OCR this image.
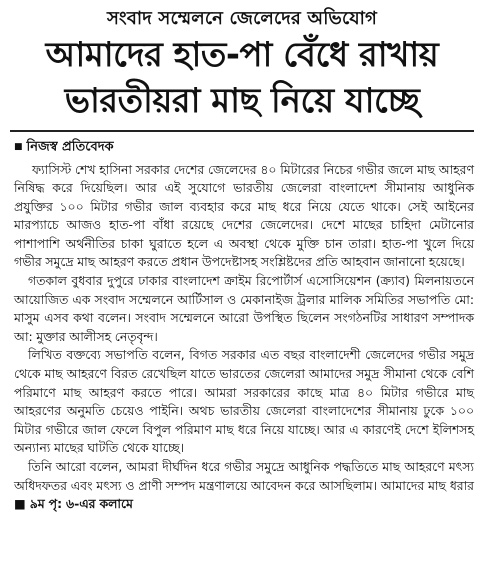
সংবাদ সম্মেলনে জেলেদের অভিযোগ
আমাদের হাত-পা বেঁধে রাখায়
ভারতীয়রা মাছ নিয়ে যাচ্ছে
■ নিজস্ব প্রতিবেদক

ফ্যাসিস্ট শেখ হাসিনা সরকার দেশের জেলেদের ৪০ মিটারের নিচের গভীর জলে মাছ আহরণ নিষিদ্ধ করে দিয়েছিল। আর এই সুযোগে ভারতীয় জেলেরা বাংলাদেশ সীমানায় আধুনিক প্রযুক্তির ১০০ মিটার গভীর জাল ব্যবহার করে মাছ ধরে নিয়ে যেতে থাকে। সেই আইনের মারপ্যাচে আজও হাত-পা বাঁধা রয়েছে দেশের জেলেদের। দেশে মাছের চাহিদা মেটানোর পাশাপাশি অর্থনীতির চাকা ঘুরাতে হলে এ অবস্থা থেকে মুক্তি চান তারা। হাত-পা খুলে দিয়ে গভীর সমুদ্রে মাছ আহরণ করতে প্রধান উপদেষ্টাসহ সংশ্লিষ্টদের প্রতি আহবান জানানো হয়েছে।

গতকাল বুধবার দুপুরে ঢাকার বাংলাদেশ ক্রাইম রিপোর্টার্স এসোসিয়েশন (ক্র্যাব) মিলনায়তনে আয়োজিত এক সংবাদ সম্মেলনে আর্টিসাল ও মেকানাইজ ট্রলার মালিক সমিতির সভাপতি মো: মাসুম এসব কথা বলেন। সংবাদ সম্মেলনে আরো উপস্থিত ছিলেন সংগঠনটির সাধারণ সম্পাদক আ: মুক্তার আলীসহ নেতৃবৃন্দ।

লিখিত বক্তব্যে সভাপতি বলেন, বিগত সরকার এত বছর বাংলাদেশী জেলেদের গভীর সমুদ্র থেকে মাছ আহরণে বিরত রেখেছিল যাতে ভারতের জেলেরা আমাদের সমুদ্র সীমানা থেকে বেশি পরিমাণে মাছ আহরণ করতে পারে। আমরা সরকারের কাছে মাত্র ৪০ মিটার গভীরে মাছ আহরণের অনুমতি চেয়েও পাইনি। অথচ ভারতীয় জেলেরা বাংলাদেশের সীমানায় ঢুকে ১০০ মিটার গভীরে জাল ফেলে বিপুল পরিমাণ মাছ ধরে নিয়ে যাচ্ছে। আর এ কারণেই দেশে ইলিশসহ অন্যান্য মাছের ঘাটতি থেকে যাচ্ছে।

তিনি আরো বলেন, আমরা দীর্ঘদিন ধরে গভীর সমুদ্রে আধুনিক পদ্ধতিতে মাছ আহরণে মৎস্য অধিদফতর এবং মৎস্য ও প্রাণী সম্পদ মন্ত্রণালয়ে আবেদন করে আসছিলাম। আমাদের মাছ ধরার ■ ৯ম পৃ: ৬-এর কলামে
